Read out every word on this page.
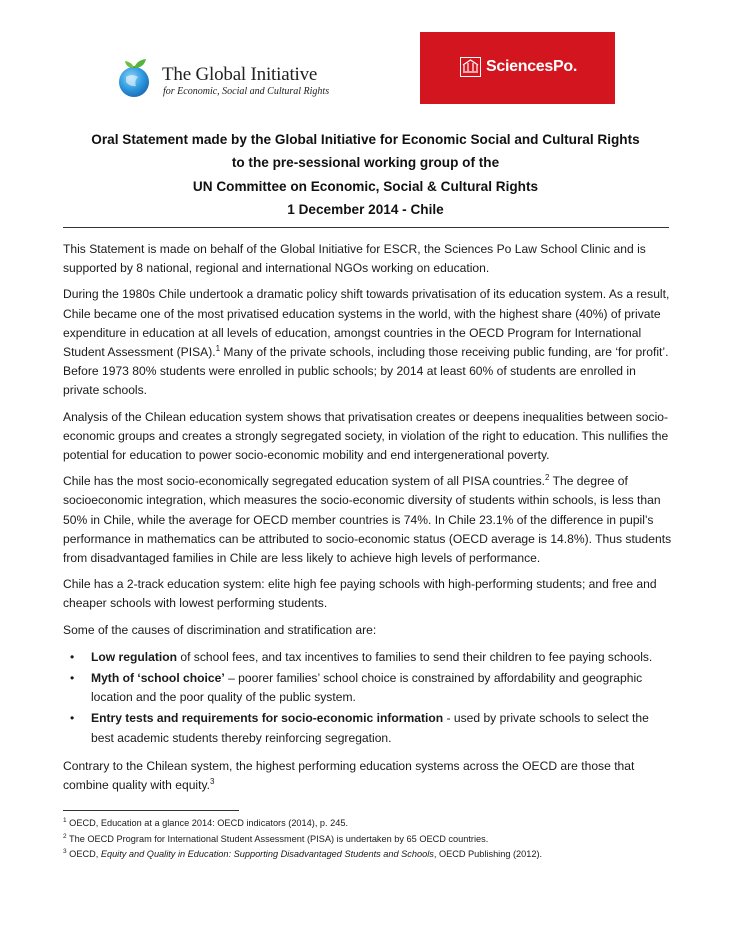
The Global Initiative
for Economic, Social and Cultural Rights
SciencesPo.
Oral Statement made by the Global Initiative for Economic Social and Cultural Rights
to the pre-sessional working group of the
UN Committee on Economic, Social & Cultural Rights
1 December 2014 - Chile

This Statement is made on behalf of the Global Initiative for ESCR, the Sciences Po Law School Clinic and is supported by 8 national, regional and international NGOs working on education.

During the 1980s Chile undertook a dramatic policy shift towards privatisation of its education system. As a result, Chile became one of the most privatised education systems in the world, with the highest share (40%) of private expenditure in education at all levels of education, amongst countries in the OECD Program for International Student Assessment (PISA).$^1$ Many of the private schools, including those receiving public funding, are ‘for profit’. Before 1973 80% students were enrolled in public schools; by 2014 at least 60% of students are enrolled in private schools.

Analysis of the Chilean education system shows that privatisation creates or deepens inequalities between socio-economic groups and creates a strongly segregated society, in violation of the right to education. This nullifies the potential for education to power socio-economic mobility and end intergenerational poverty.

Chile has the most socio-economically segregated education system of all PISA countries.$^2$ The degree of socioeconomic integration, which measures the socio-economic diversity of students within schools, is less than 50% in Chile, while the average for OECD member countries is 74%. In Chile 23.1% of the difference in pupil’s performance in mathematics can be attributed to socio-economic status (OECD average is 14.8%). Thus students from disadvantaged families in Chile are less likely to achieve high levels of performance.

Chile has a 2-track education system: elite high fee paying schools with high-performing students; and free and cheaper schools with lowest performing students.

Some of the causes of discrimination and stratification are:

• Low regulation of school fees, and tax incentives to families to send their children to fee paying schools.
• Myth of ‘school choice’ – poorer families’ school choice is constrained by affordability and geographic location and the poor quality of the public system.
• Entry tests and requirements for socio-economic information - used by private schools to select the best academic students thereby reinforcing segregation.

Contrary to the Chilean system, the highest performing education systems across the OECD are those that combine quality with equity.$^3$

$^1$ OECD, Education at a glance 2014: OECD indicators (2014), p. 245.
$^2$ The OECD Program for International Student Assessment (PISA) is undertaken by 65 OECD countries.
$^3$ OECD, Equity and Quality in Education: Supporting Disadvantaged Students and Schools, OECD Publishing (2012).
